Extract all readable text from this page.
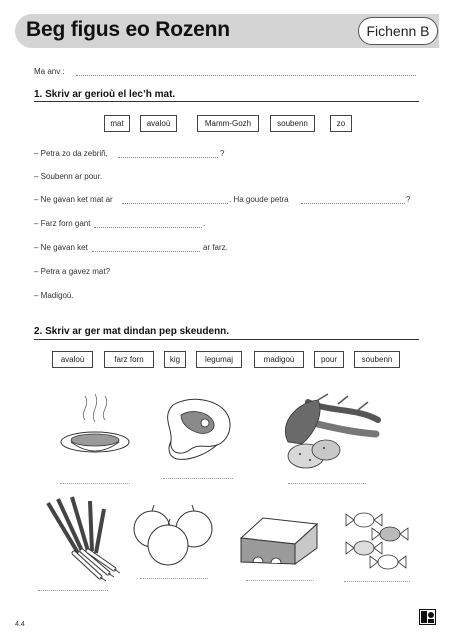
Beg figus eo Rozenn	Fichenn B
Ma anv :
1. Skriv ar gerioù el lec’h mat.
mat	avaloù	Mamm-Gozh	soubenn	zo
– Petra zo da zebriñ,	?
– Soubenn ar pour.
– Ne gavan ket mat ar	. Ha goude petra	?
– Farz forn gant	.
– Ne gavan ket	ar farz.
– Petra a gavez mat?
– Madigoù.
2. Skriv ar ger mat dindan pep skeudenn.
avaloù	farz forn	kig	legumaj	madigoù	pour	soubenn
4.4
